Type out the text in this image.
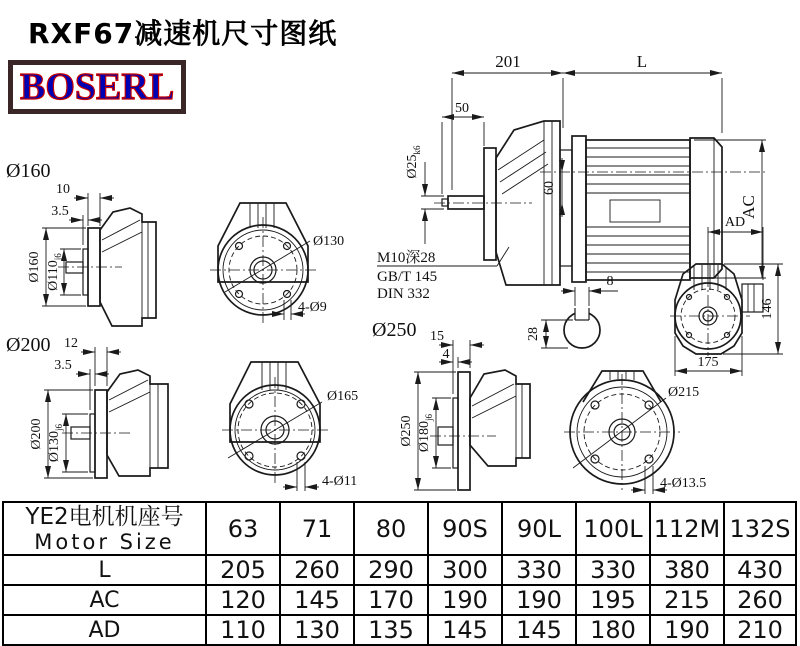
RXF67减速机尺寸图纸
BOSERL
201	L
50
$Ø25_{k6}$
60
AC
M10深28
GB/T 145
DIN 332
8
28
AD
146
175
Ø160
Ø200
Ø250
10
3.5
Ø160 $Ø110_{j6}$
Ø130
4-Ø9
12
3.5
Ø200 $Ø130_{j6}$
Ø165
4-Ø11
15
4
Ø250 $Ø180_{j6}$
Ø215
4-Ø13.5
YE2电机机座号
Motor Size	63	71	80	90S	90L	100L	112M	132S
L	205	260	290	300	330	330	380	430
AC	120	145	170	190	190	195	215	260
AD	110	130	135	145	145	180	190	210
